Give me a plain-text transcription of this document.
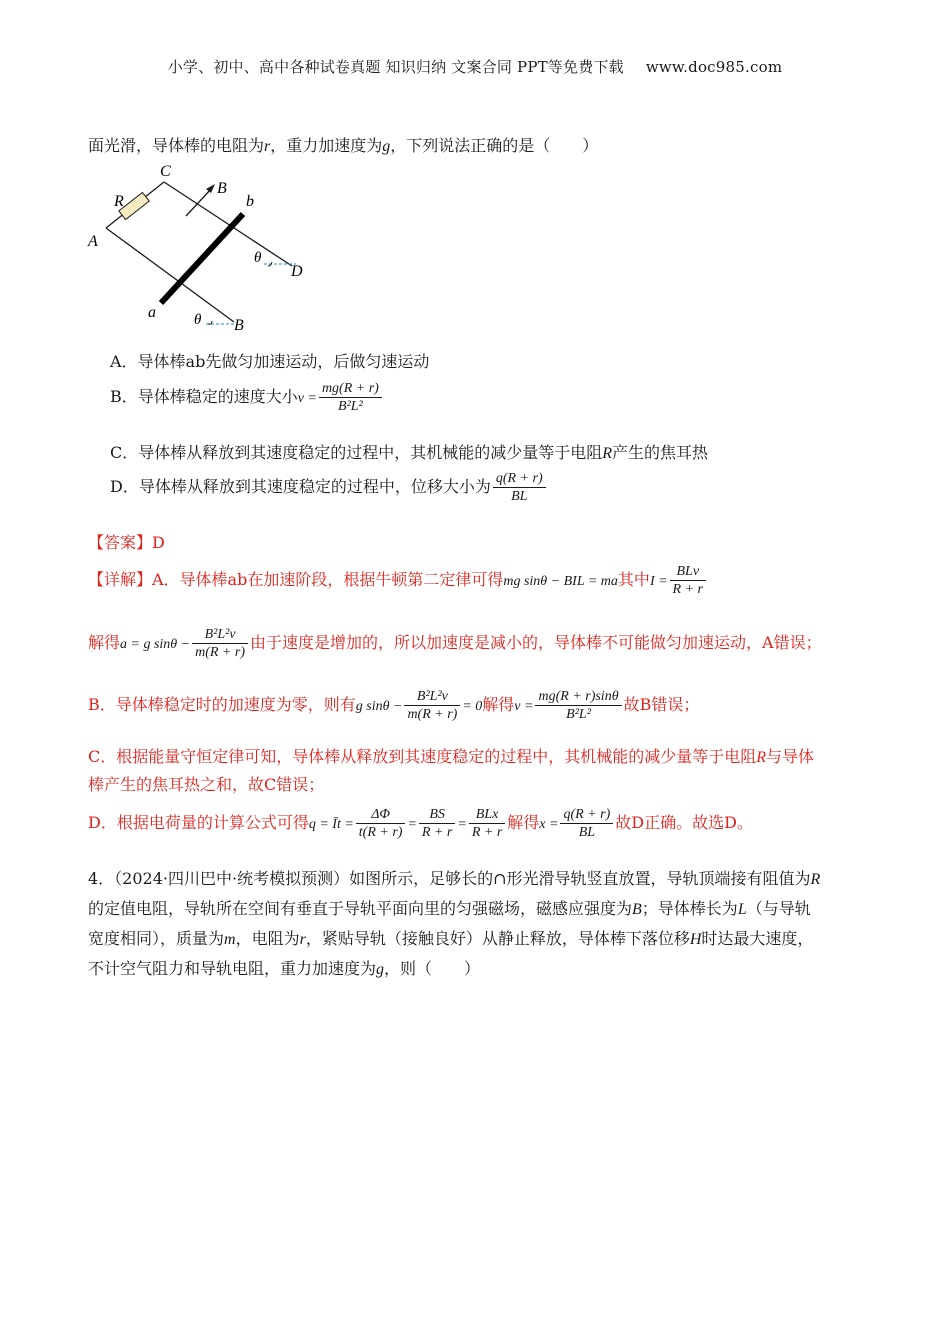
小学、初中、高中各种试卷真题 知识归纳 文案合同 PPT等免费下载 www.doc985.com
面光滑，导体棒的电阻为r，重力加速度为g，下列说法正确的是（　　）
C
B
R	b
A
θ
D
a	θ B
A．导体棒ab先做匀加速运动，后做匀速运动
B．导体棒稳定的速度大小$v = \frac{mg(R + r)}{\text{B²L²}}$
C．导体棒从释放到其速度稳定的过程中，其机械能的减少量等于电阻R产生的焦耳热
D．导体棒从释放到其速度稳定的过程中，位移大小为 $\frac{q(R + r)}{BL}$
【答案】D
【详解】A．导体棒ab在加速阶段，根据牛顿第二定律可得mg sinθ − BIL = ma其中$I = \frac{\text{BLv}}{R + r}$
解得a = g $\sin\theta - \frac{\text{B²L²v}}{m(R + r)}$ 由于速度是增加的，所以加速度是减小的，导体棒不可能做匀加速运动，A错误；
B．导体棒稳定时的加速度为零，则有g $\sin\theta - \frac{\text{B²L²v}}{m(R + r)} = 0$解得$v = \frac{mg(R + r)\sin\theta}{\text{B²L²}}$ 故B错误；
C．根据能量守恒定律可知，导体棒从释放到其速度稳定的过程中，其机械能的减少量等于电阻R与导体
棒产生的焦耳热之和，故C错误；
D．根据电荷量的计算公式可得q = Īt = $\frac{\Delta\Phi}{t(R + r)} = \frac{BS}{R + r} = \frac{\text{BLx}}{R + r}$ 解得$x = \frac{q(R + r)}{BL}$ 故D正确。故选D。
4．（2024·四川巴中·统考模拟预测）如图所示，足够长的∩形光滑导轨竖直放置，导轨顶端接有阻值为R
的定值电阻，导轨所在空间有垂直于导轨平面向里的匀强磁场，磁感应强度为B；导体棒长为L（与导轨
宽度相同），质量为m，电阻为r，紧贴导轨（接触良好）从静止释放，导体棒下落位移H时达最大速度，
不计空气阻力和导轨电阻，重力加速度为g，则（　　）
